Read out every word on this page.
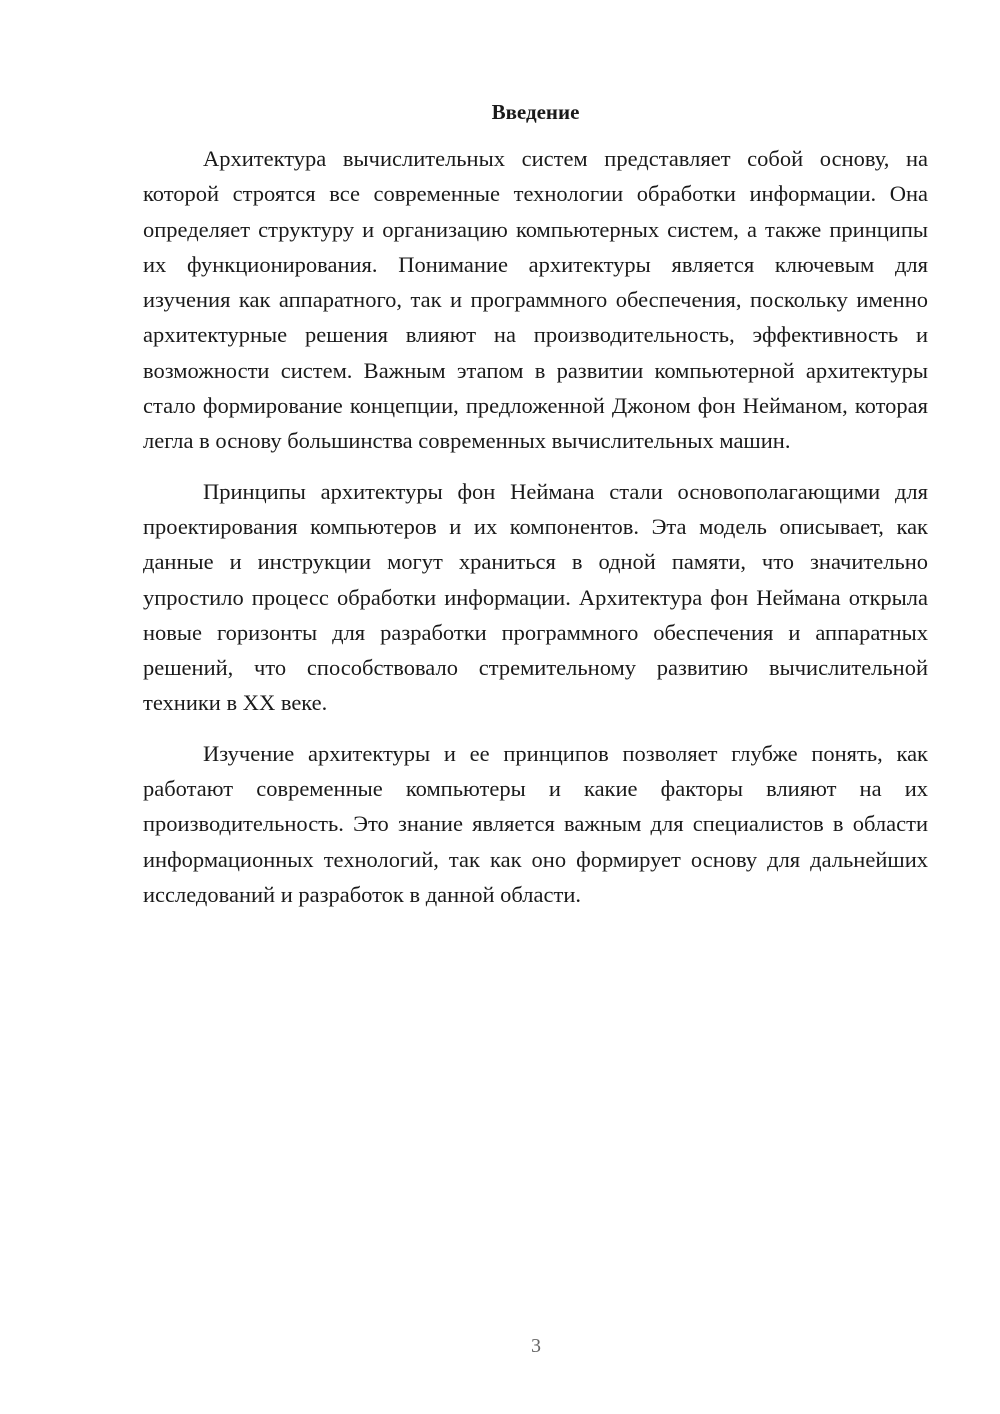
Введение

Архитектура вычислительных систем представляет собой основу, на которой строятся все современные технологии обработки информации. Она определяет структуру и организацию компьютерных систем, а также принципы их функционирования. Понимание архитектуры является ключевым для изучения как аппаратного, так и программного обеспечения, поскольку именно архитектурные решения влияют на производительность, эффективность и возможности систем. Важным этапом в развитии компьютерной архитектуры стало формирование концепции, предложенной Джоном фон Нейманом, которая легла в основу большинства современных вычислительных машин.

Принципы архитектуры фон Неймана стали основополагающими для проектирования компьютеров и их компонентов. Эта модель описывает, как данные и инструкции могут храниться в одной памяти, что значительно упростило процесс обработки информации. Архитектура фон Неймана открыла новые горизонты для разработки программного обеспечения и аппаратных решений, что способствовало стремительному развитию вычислительной техники в XX веке.

Изучение архитектуры и ее принципов позволяет глубже понять, как работают современные компьютеры и какие факторы влияют на их производительность. Это знание является важным для специалистов в области информационных технологий, так как оно формирует основу для дальнейших исследований и разработок в данной области.

3
